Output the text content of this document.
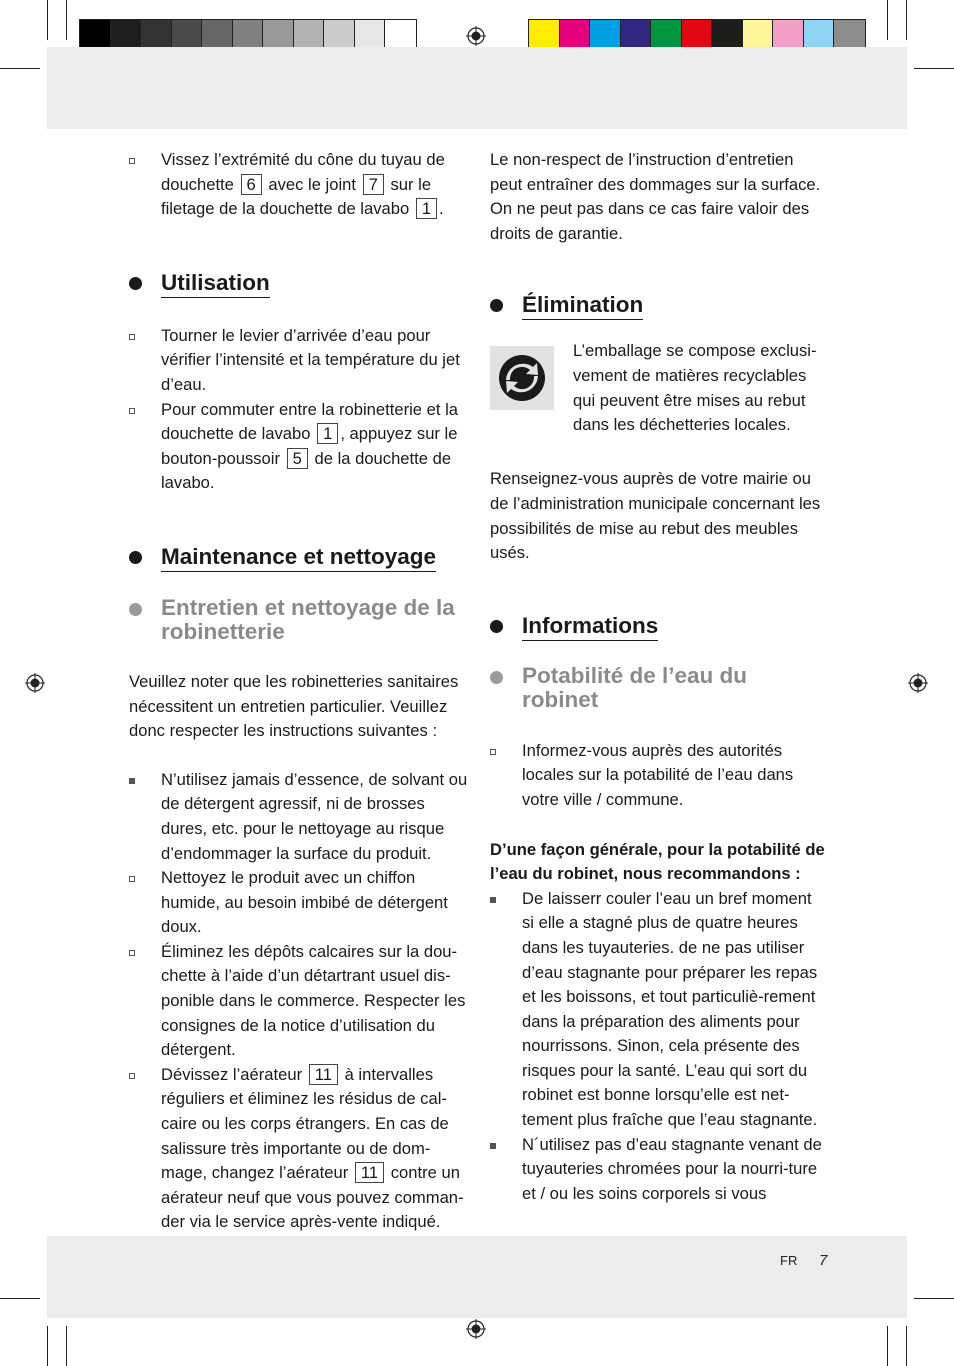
Vissez l’extrémité du cône du tuyau de douchette 6 avec le joint 7 sur le filetage de la douchette de lavabo 1 .
Utilisation
Tourner le levier d’arrivée d’eau pour vérifier l’intensité et la température du jet d’eau.
Pour commuter entre la robinetterie et la douchette de lavabo 1 , appuyez sur le bouton-poussoir 5 de la douchette de lavabo.
Maintenance et nettoyage
Entretien et nettoyage de la robinetterie

Veuillez noter que les robinetteries sanitaires nécessitent un entretien particulier. Veuillez donc respecter les instructions suivantes :

N’utilisez jamais d’essence, de solvant ou de détergent agressif, ni de brosses dures, etc. pour le nettoyage au risque d’endommager la surface du produit.
Nettoyez le produit avec un chiffon humide, au besoin imbibé de détergent doux.
Éliminez les dépôts calcaires sur la dou-chette à l’aide d’un détartrant usuel dis-ponible dans le commerce. Respecter les consignes de la notice d’utilisation du détergent.
Dévissez l’aérateur 11 à intervalles réguliers et éliminez les résidus de cal-caire ou les corps étrangers. En cas de salissure très importante ou de dom-mage, changez l’aérateur 11 contre un aérateur neuf que vous pouvez comman-der via le service après-vente indiqué.

Le non-respect de l’instruction d’entretien peut entraîner des dommages sur la surface. On ne peut pas dans ce cas faire valoir des droits de garantie.

Élimination

L’emballage se compose exclusi-vement de matières recyclables qui peuvent être mises au rebut dans les déchetteries locales.

Renseignez-vous auprès de votre mairie ou de l’administration municipale concernant les possibilités de mise au rebut des meubles usés.

Informations
Potabilité de l’eau du robinet
Informez-vous auprès des autorités locales sur la potabilité de l’eau dans votre ville / commune.

D’une façon générale, pour la potabilité de l’eau du robinet, nous recommandons :

De laisserr couler l’eau un bref moment si elle a stagné plus de quatre heures dans les tuyauteries. de ne pas utiliser d’eau stagnante pour préparer les repas et les boissons, et tout particuliè-rement dans la préparation des aliments pour nourrissons. Sinon, cela présente des risques pour la santé. L’eau qui sort du robinet est bonne lorsqu’elle est net-tement plus fraîche que l’eau stagnante.
N´utilisez pas d’eau stagnante venant de tuyauteries chromées pour la nourri-ture et / ou les soins corporels si vous
FR 7
